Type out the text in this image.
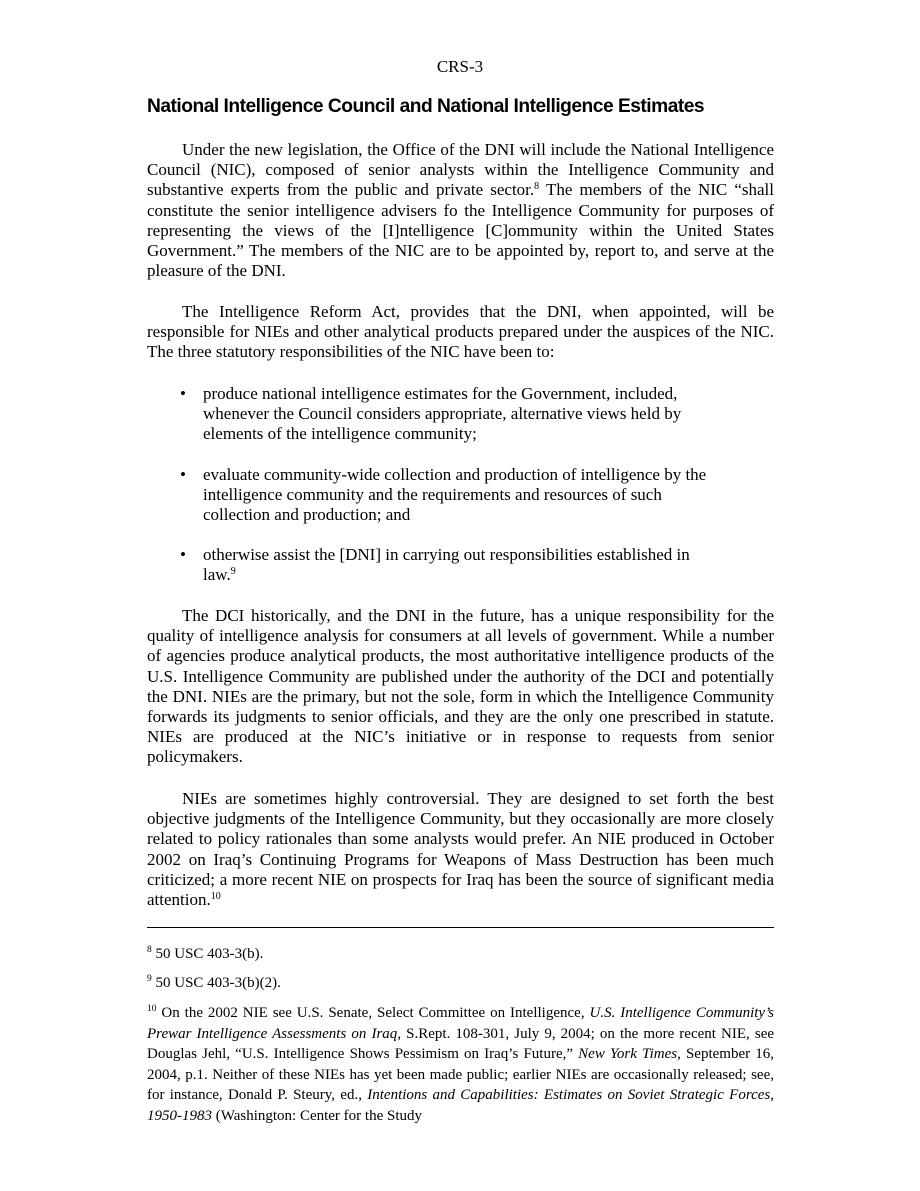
CRS-3
National Intelligence Council and National Intelligence Estimates

Under the new legislation, the Office of the DNI will include the National Intelligence Council (NIC), composed of senior analysts within the Intelligence Community and substantive experts from the public and private sector.$^8$ The members of the NIC “shall constitute the senior intelligence advisers fo the Intelligence Community for purposes of representing the views of the [I]ntelligence [C]ommunity within the United States Government.” The members of the NIC are to be appointed by, report to, and serve at the pleasure of the DNI.

The Intelligence Reform Act, provides that the DNI, when appointed, will be responsible for NIEs and other analytical products prepared under the auspices of the NIC. The three statutory responsibilities of the NIC have been to:

• produce national intelligence estimates for the Government, included, whenever the Council considers appropriate, alternative views held by elements of the intelligence community;
• evaluate community-wide collection and production of intelligence by the intelligence community and the requirements and resources of such collection and production; and
• otherwise assist the [DNI] in carrying out responsibilities established in law.$^9$

The DCI historically, and the DNI in the future, has a unique responsibility for the quality of intelligence analysis for consumers at all levels of government. While a number of agencies produce analytical products, the most authoritative intelligence products of the U.S. Intelligence Community are published under the authority of the DCI and potentially the DNI. NIEs are the primary, but not the sole, form in which the Intelligence Community forwards its judgments to senior officials, and they are the only one prescribed in statute. NIEs are produced at the NIC’s initiative or in response to requests from senior policymakers.

NIEs are sometimes highly controversial. They are designed to set forth the best objective judgments of the Intelligence Community, but they occasionally are more closely related to policy rationales than some analysts would prefer. An NIE produced in October 2002 on Iraq’s Continuing Programs for Weapons of Mass Destruction has been much criticized; a more recent NIE on prospects for Iraq has been the source of significant media attention.$^{10}$

$^8$ 50 USC 403-3(b).
$^9$ 50 USC 403-3(b)(2).
$^{10}$ On the 2002 NIE see U.S. Senate, Select Committee on Intelligence, U.S. Intelligence Community’s Prewar Intelligence Assessments on Iraq, S.Rept. 108-301, July 9, 2004; on the more recent NIE, see Douglas Jehl, “U.S. Intelligence Shows Pessimism on Iraq’s Future,” New York Times, September 16, 2004, p.1. Neither of these NIEs has yet been made public; earlier NIEs are occasionally released; see, for instance, Donald P. Steury, ed., Intentions and Capabilities: Estimates on Soviet Strategic Forces, 1950-1983 (Washington: Center for the Study
